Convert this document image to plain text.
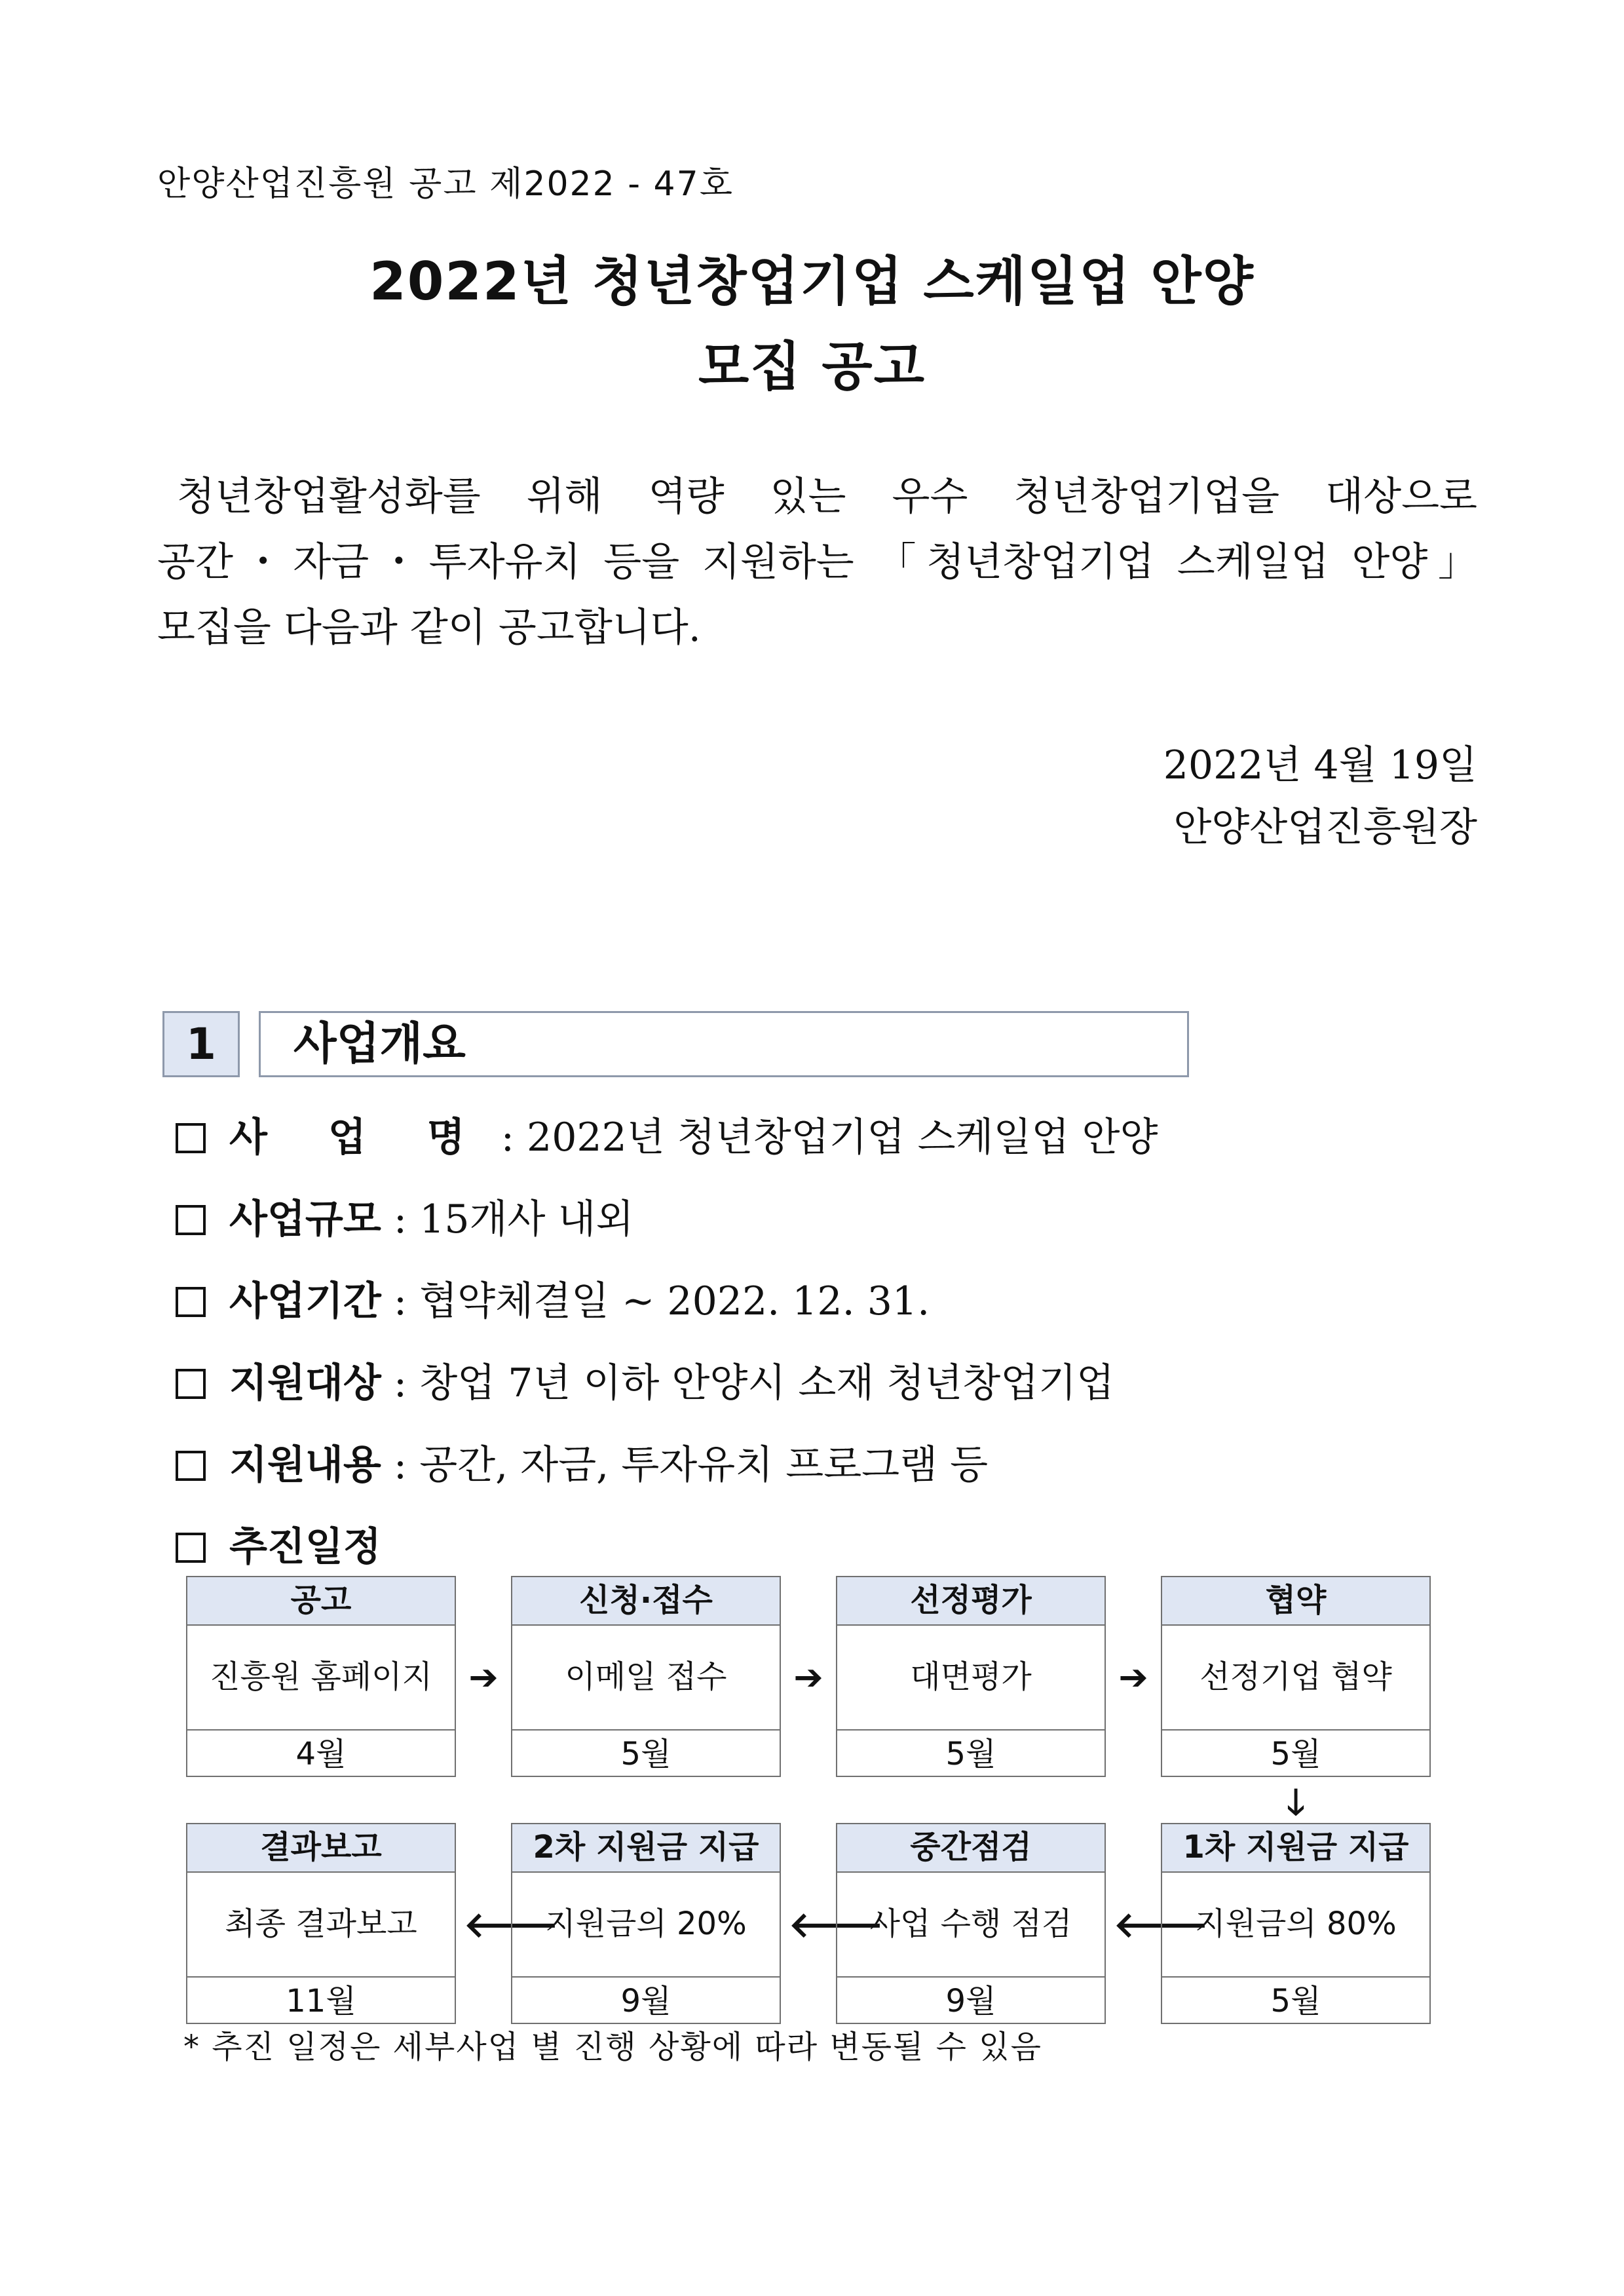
안양산업진흥원 공고 제2022 - 47호
2022년 청년창업기업 스케일업 안양
모집 공고

청년창업활성화를 위해 역량 있는 우수 청년창업기업을 대상으로

공간・자금・투자유치 등을 지원하는 「청년창업기업 스케일업 안양」

모집을 다음과 같이 공고합니다.

2022년 4월 19일
안양산업진흥원장
1	사업개요
사 업 명 : 2022년 청년창업기업 스케일업 안양
사업규모 : 15개사 내외
사업기간 : 협약체결일 ~ 2022. 12. 31.
지원대상 : 창업 7년 이하 안양시 소재 청년창업기업
지원내용 : 공간, 자금, 투자유치 프로그램 등
추진일정
공고
진흥원 홈페이지
4월
➔
신청·접수
이메일 접수
5월
➔
선정평가
대면평가
5월
➔
협약
선정기업 협약
5월
🡓
결과보고
최종 결과보고
11월
🡐
2차 지원금 지급
지원금의 20%
9월
🡐
중간점검
사업 수행 점검
9월
🡐
1차 지원금 지급
지원금의 80%
5월
* 추진 일정은 세부사업 별 진행 상황에 따라 변동될 수 있음
